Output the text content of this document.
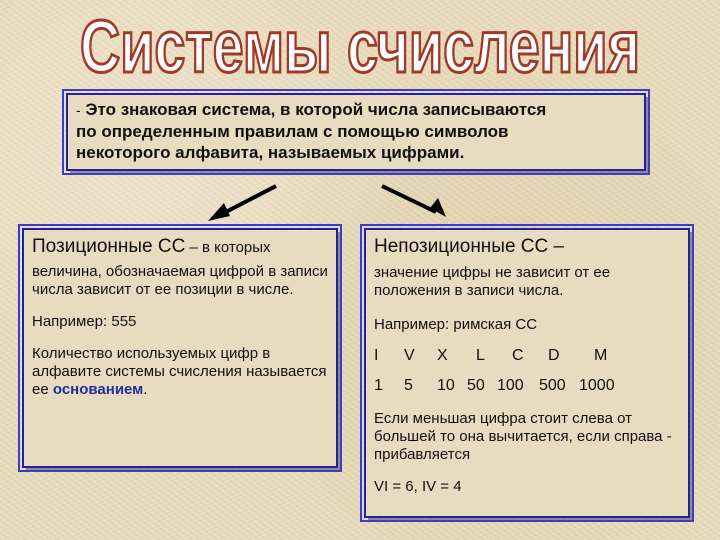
Системы счисления
- Это знаковая система, в которой числа записываются
по определенным правилам с помощью символов
некоторого алфавита, называемых цифрами.
Позиционные СС – в которых
величина, обозначаемая цифрой в записи числа зависит от ее позиции в числе.
Например: 555
Количество используемых цифр в алфавите системы счисления называется ее основанием.
Непозиционные СС –
значение цифры не зависит от ее положения в записи числа.
Например: римская СС
I	V	X	L	C	D	M
1	5	10 50 100 500 1000
Если меньшая цифра стоит слева от большей то она вычитается, если справа - прибавляется
VI = 6, IV = 4
